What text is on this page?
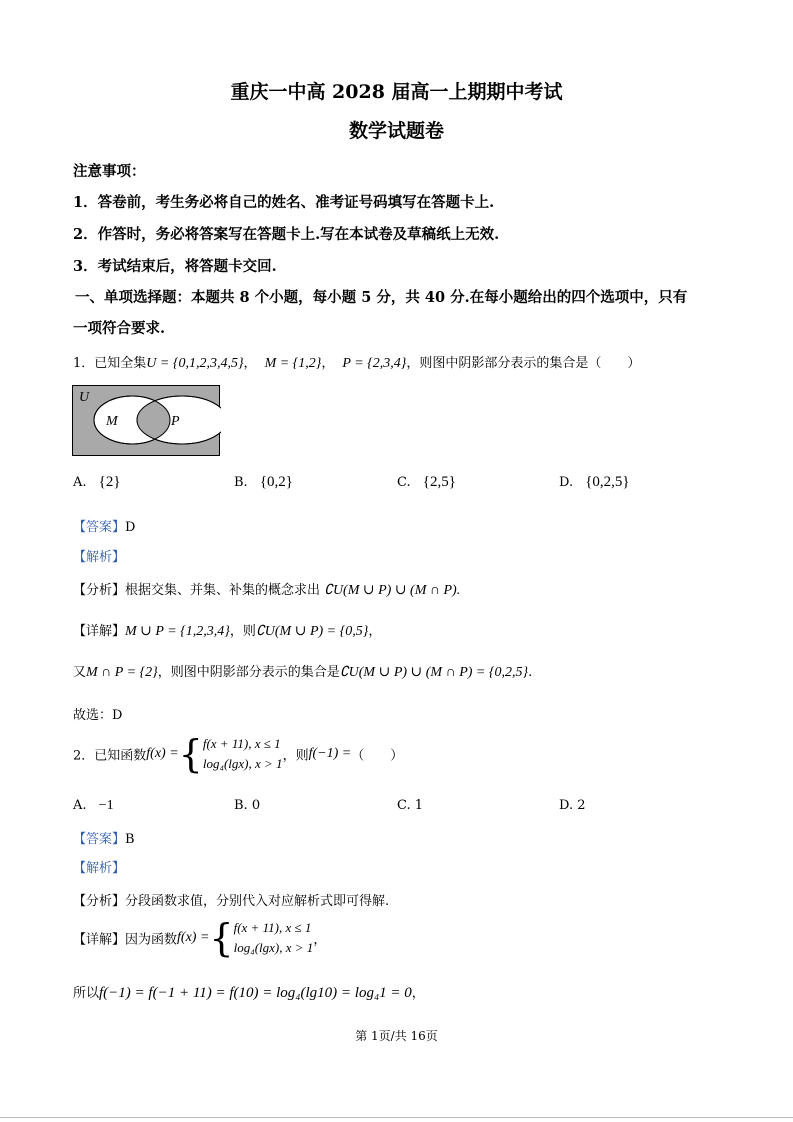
重庆一中高 2028 届高一上期期中考试
数学试题卷
注意事项：
1．答卷前，考生务必将自己的姓名、准考证号码填写在答题卡上.
2．作答时，务必将答案写在答题卡上.写在本试卷及草稿纸上无效.
3．考试结束后，将答题卡交回.
一、单项选择题：本题共 8 个小题，每小题 5 分，共 40 分.在每小题给出的四个选项中，只有
一项符合要求.
1．已知全集U = {0,1,2,3,4,5}， M = {1,2}， P = {2,3,4}，则图中阴影部分表示的集合是（　　）
U
M	P
A. {2}	B. {0,2}	C. {2,5}	D. {0,2,5}
【答案】D
【解析】
【分析】根据交集、并集、补集的概念求出 ∁U(M ∪ P) ∪ (M ∩ P).
【详解】M ∪ P = {1,2,3,4}，则∁U(M ∪ P) = {0,5}，
又M ∩ P = {2}，则图中阴影部分表示的集合是∁U(M ∪ P) ∪ (M ∩ P) = {0,2,5}.
故选：D
2．已知函数f(x) ={ f(x + 11), x ≤ 1
log₄(lgx), x > 1 ，则f(−1) =（　　）
A. −1	B. 0	C. 1	D. 2
【答案】B
【解析】
【分析】分段函数求值，分别代入对应解析式即可得解.
【详解】因为函数f(x) ={ f(x + 11), x ≤ 1
log₄(lgx), x > 1 ，
所以f(−1) = f(−1 + 11) = f(10) = log₄(lg10) = log₄1 = 0，
第 1页/共 16页
